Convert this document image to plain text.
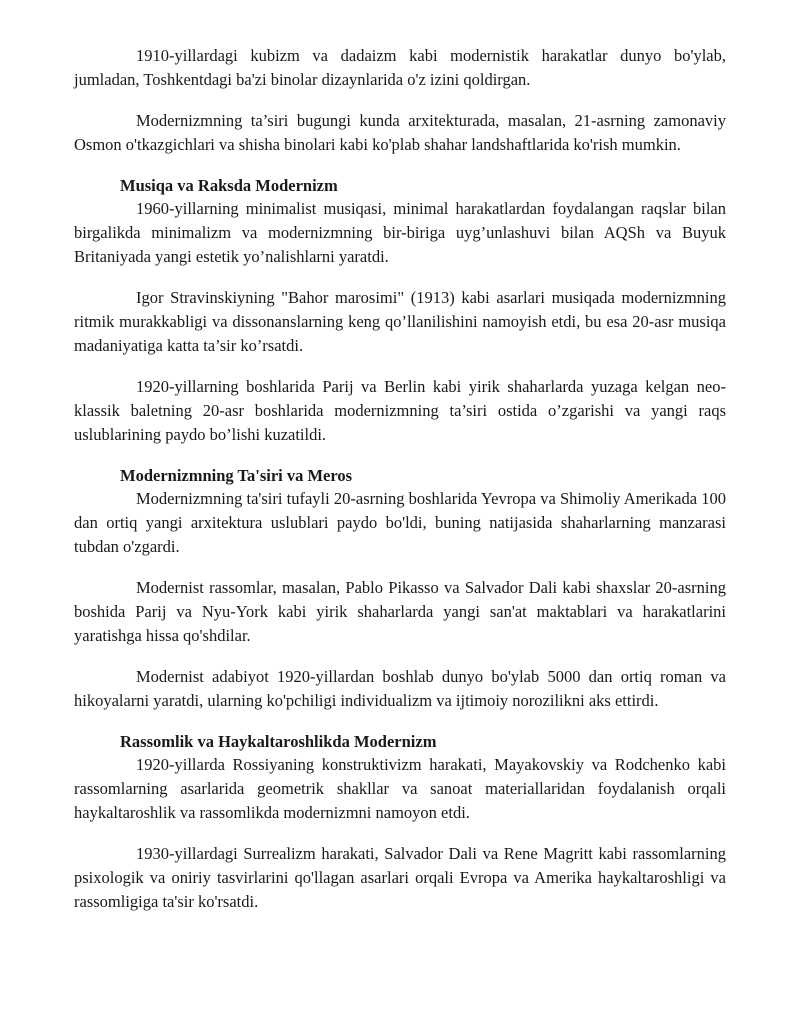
1910-yillardagi kubizm va dadaizm kabi modernistik harakatlar dunyo bo'ylab, jumladan, Toshkentdagi ba'zi binolar dizaynlarida o'z izini qoldirgan.

Modernizmning ta’siri bugungi kunda arxitekturada, masalan, 21-asrning zamonaviy Osmon o'tkazgichlari va shisha binolari kabi ko'plab shahar landshaftlarida ko'rish mumkin.

Musiqa va Raksda Modernizm

1960-yillarning minimalist musiqasi, minimal harakatlardan foydalangan raqslar bilan birgalikda minimalizm va modernizmning bir-biriga uyg’unlashuvi bilan AQSh va Buyuk Britaniyada yangi estetik yo’nalishlarni yaratdi.

Igor Stravinskiyning "Bahor marosimi" (1913) kabi asarlari musiqada modernizmning ritmik murakkabligi va dissonanslarning keng qo’llanilishini namoyish etdi, bu esa 20-asr musiqa madaniyatiga katta ta’sir ko’rsatdi.

1920-yillarning boshlarida Parij va Berlin kabi yirik shaharlarda yuzaga kelgan neo-klassik baletning 20-asr boshlarida modernizmning ta’siri ostida o’zgarishi va yangi raqs uslublarining paydo bo’lishi kuzatildi.

Modernizmning Ta'siri va Meros

Modernizmning ta'siri tufayli 20-asrning boshlarida Yevropa va Shimoliy Amerikada 100 dan ortiq yangi arxitektura uslublari paydo bo'ldi, buning natijasida shaharlarning manzarasi tubdan o'zgardi.

Modernist rassomlar, masalan, Pablo Pikasso va Salvador Dali kabi shaxslar 20-asrning boshida Parij va Nyu-York kabi yirik shaharlarda yangi san'at maktablari va harakatlarini yaratishga hissa qo'shdilar.

Modernist adabiyot 1920-yillardan boshlab dunyo bo'ylab 5000 dan ortiq roman va hikoyalarni yaratdi, ularning ko'pchiligi individualizm va ijtimoiy norozilikni aks ettirdi.

Rassomlik va Haykaltaroshlikda Modernizm

1920-yillarda Rossiyaning konstruktivizm harakati, Mayakovskiy va Rodchenko kabi rassomlarning asarlarida geometrik shakllar va sanoat materiallaridan foydalanish orqali haykaltaroshlik va rassomlikda modernizmni namoyon etdi.

1930-yillardagi Surrealizm harakati, Salvador Dali va Rene Magritt kabi rassomlarning psixologik va oniriy tasvirlarini qo'llagan asarlari orqali Evropa va Amerika haykaltaroshligi va rassomligiga ta'sir ko'rsatdi.
